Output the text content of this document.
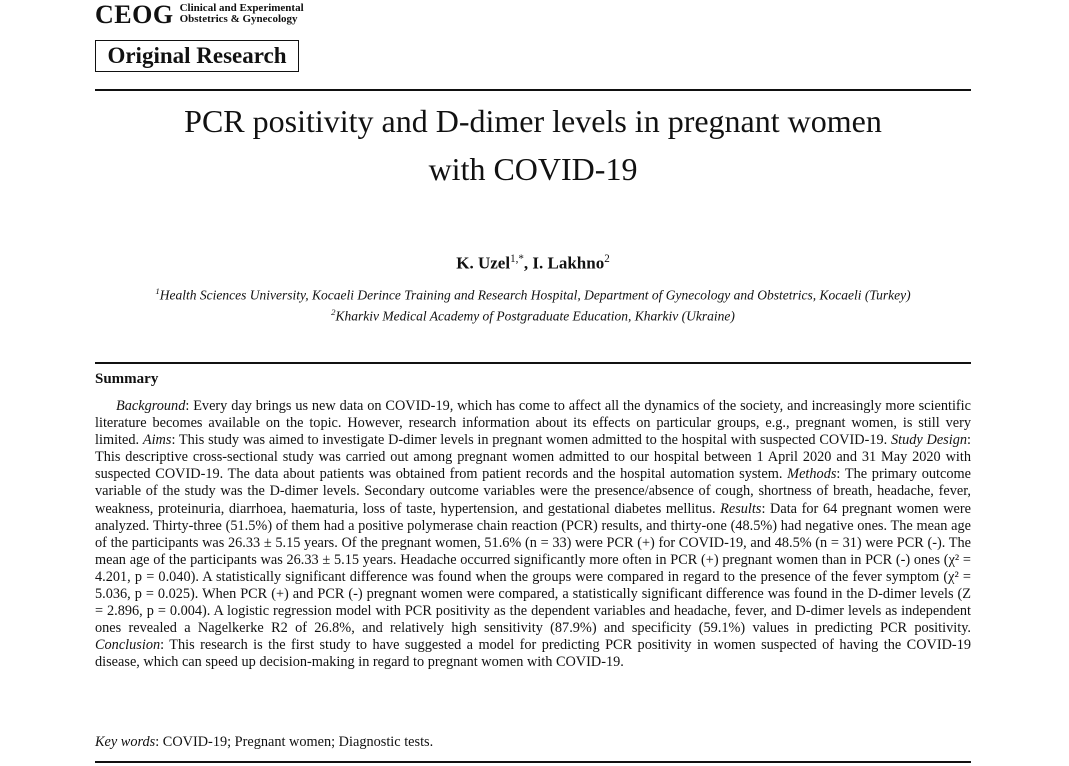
CEOG Clinical and Experimental
Obstetrics & Gynecology
Original Research
PCR positivity and D-dimer levels in pregnant women
with COVID-19
K. Uzel$^{1,*}$, I. Lakhno$^2$
$^1$Health Sciences University, Kocaeli Derince Training and Research Hospital, Department of Gynecology and Obstetrics, Kocaeli (Turkey)
$^2$Kharkiv Medical Academy of Postgraduate Education, Kharkiv (Ukraine)
Summary

Background: Every day brings us new data on COVID-19, which has come to affect all the dynamics of the society, and increasingly more scientific literature becomes available on the topic. However, research information about its effects on particular groups, e.g., pregnant women, is still very limited. Aims: This study was aimed to investigate D-dimer levels in pregnant women admitted to the hospital with suspected COVID-19. Study Design: This descriptive cross-sectional study was carried out among pregnant women admitted to our hospital between 1 April 2020 and 31 May 2020 with suspected COVID-19. The data about patients was obtained from patient records and the hospital automation system. Methods: The primary outcome variable of the study was the D-dimer levels. Secondary outcome variables were the presence/absence of cough, shortness of breath, headache, fever, weakness, proteinuria, diarrhoea, haematuria, loss of taste, hypertension, and gestational diabetes mellitus. Results: Data for 64 pregnant women were analyzed. Thirty-three (51.5%) of them had a positive polymerase chain reaction (PCR) results, and thirty-one (48.5%) had negative ones. The mean age of the participants was 26.33 ± 5.15 years. Of the pregnant women, 51.6% (n = 33) were PCR (+) for COVID-19, and 48.5% (n = 31) were PCR (-). The mean age of the participants was 26.33 ± 5.15 years. Headache occurred significantly more often in PCR (+) pregnant women than in PCR (-) ones (χ² = 4.201, p = 0.040). A statistically significant difference was found when the groups were compared in regard to the presence of the fever symptom (χ² = 5.036, p = 0.025). When PCR (+) and PCR (-) pregnant women were compared, a statistically significant difference was found in the D-dimer levels (Z = 2.896, p = 0.004). A logistic regression model with PCR positivity as the dependent variables and headache, fever, and D-dimer levels as independent ones revealed a Nagelkerke R2 of 26.8%, and relatively high sensitivity (87.9%) and specificity (59.1%) values in predicting PCR positivity. Conclusion: This research is the first study to have suggested a model for predicting PCR positivity in women suspected of having the COVID-19 disease, which can speed up decision-making in regard to pregnant women with COVID-19.

Key words: COVID-19; Pregnant women; Diagnostic tests.
